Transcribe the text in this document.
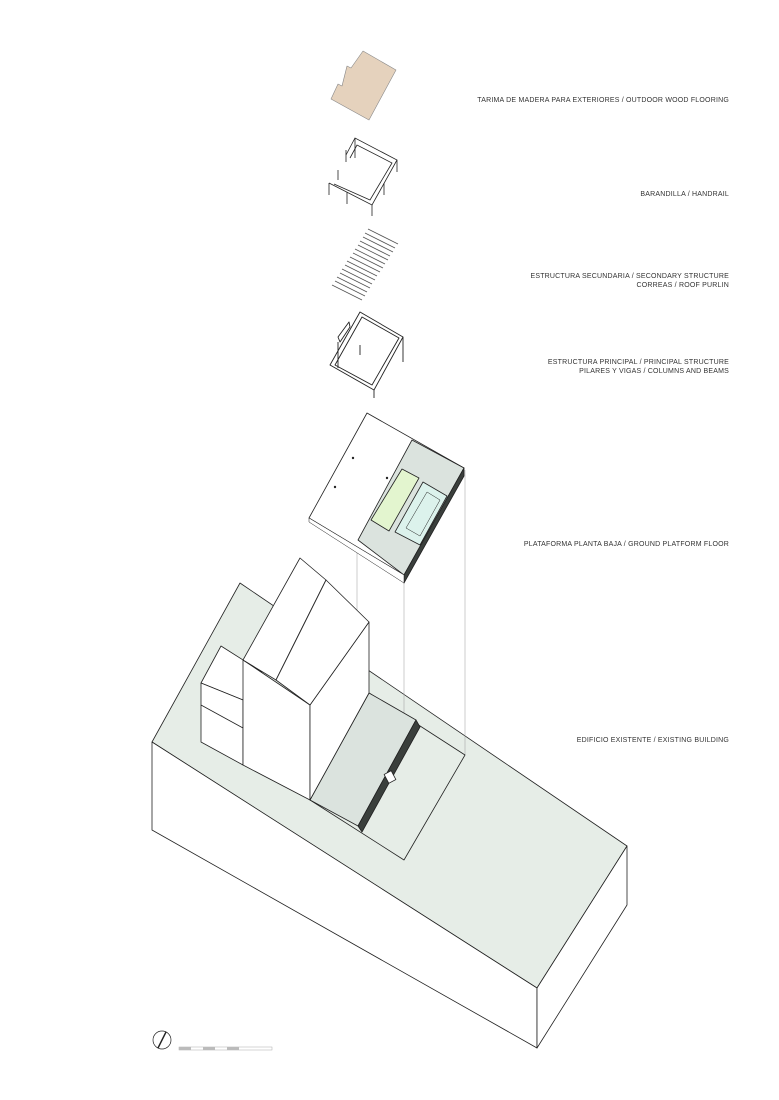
TARIMA DE MADERA PARA EXTERIORES / OUTDOOR WOOD FLOORING
BARANDILLA / HANDRAIL
ESTRUCTURA SECUNDARIA / SECONDARY STRUCTURE
CORREAS / ROOF PURLIN
ESTRUCTURA PRINCIPAL / PRINCIPAL STRUCTURE
PILARES Y VIGAS / COLUMNS AND BEAMS
PLATAFORMA PLANTA BAJA / GROUND PLATFORM FLOOR
EDIFICIO EXISTENTE / EXISTING BUILDING
